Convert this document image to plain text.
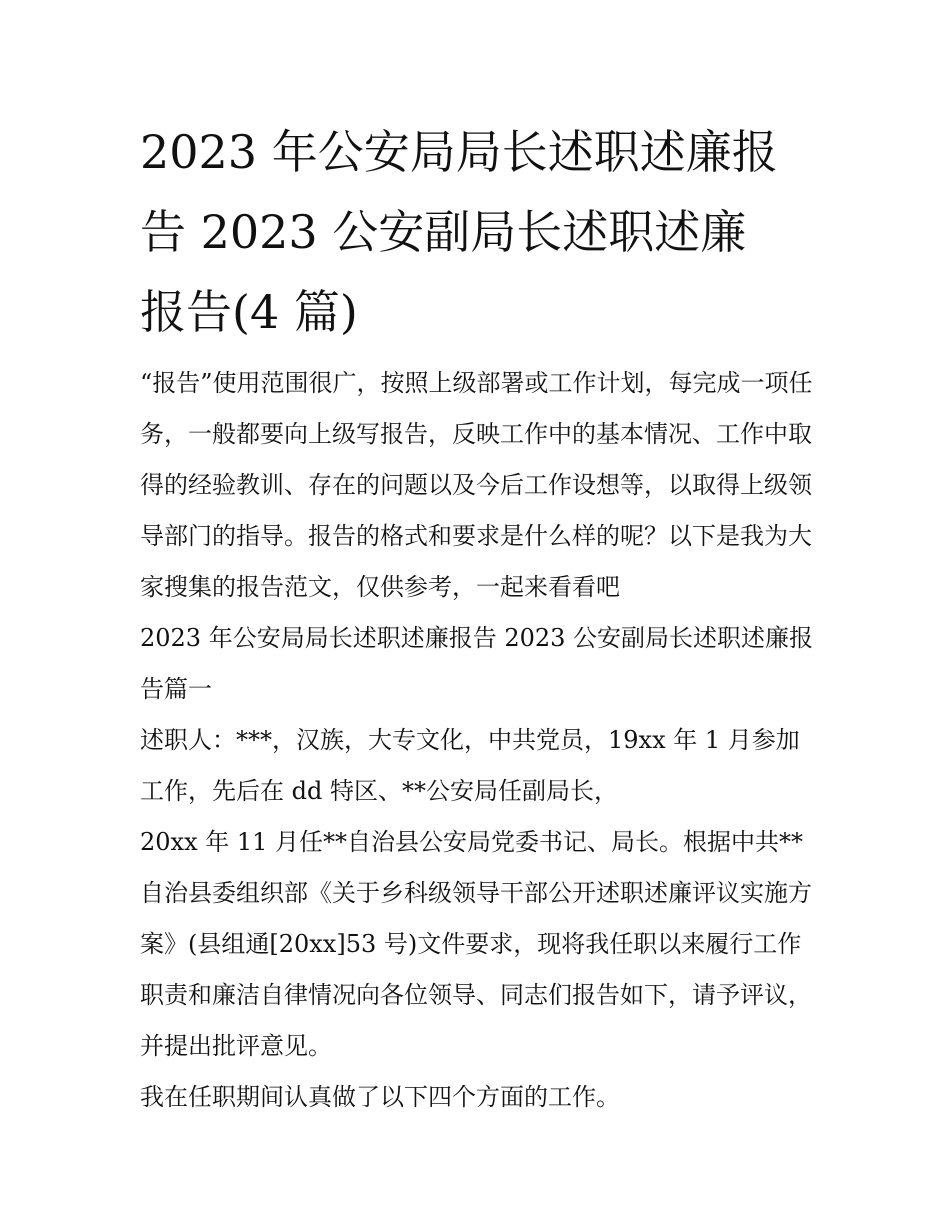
2023 年公安局局长述职述廉报
告 2023 公安副局长述职述廉
报告(4 篇)

“报告”使用范围很广，按照上级部署或工作计划，每完成一项任务，一般都要向上级写报告，反映工作中的基本情况、工作中取得的经验教训、存在的问题以及今后工作设想等，以取得上级领导部门的指导。报告的格式和要求是什么样的呢？以下是我为大家搜集的报告范文，仅供参考，一起来看看吧

2023 年公安局局长述职述廉报告 2023 公安副局长述职述廉报告篇一

述职人：***，汉族，大专文化，中共党员，19xx 年 1 月参加工作，先后在 dd 特区、**公安局任副局长，

20xx 年 11 月任**自治县公安局党委书记、局长。根据中共**自治县委组织部《关于乡科级领导干部公开述职述廉评议实施方案》(县组通[20xx]53 号)文件要求，现将我任职以来履行工作职责和廉洁自律情况向各位领导、同志们报告如下，请予评议，并提出批评意见。

我在任职期间认真做了以下四个方面的工作。
